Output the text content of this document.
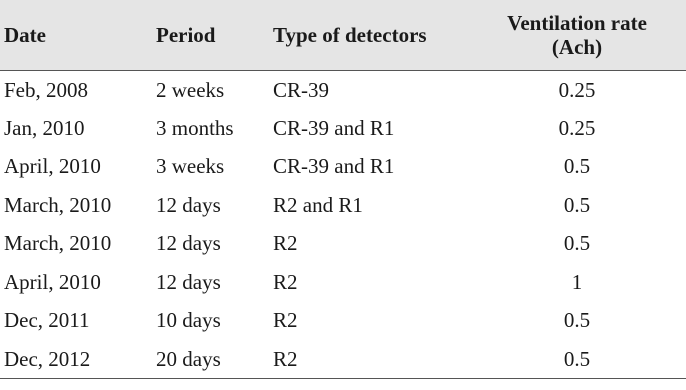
Date	Period	Type of detectors	Ventilation rate
(Ach)

Feb, 2008	2 weeks	CR-39	0.25
Jan, 2010	3 months	CR-39 and R1	0.25
April, 2010	3 weeks	CR-39 and R1	0.5
March, 2010	12 days	R2 and R1	0.5
March, 2010	12 days	R2	0.5
April, 2010	12 days	R2	1
Dec, 2011	10 days	R2	0.5
Dec, 2012	20 days	R2	0.5
